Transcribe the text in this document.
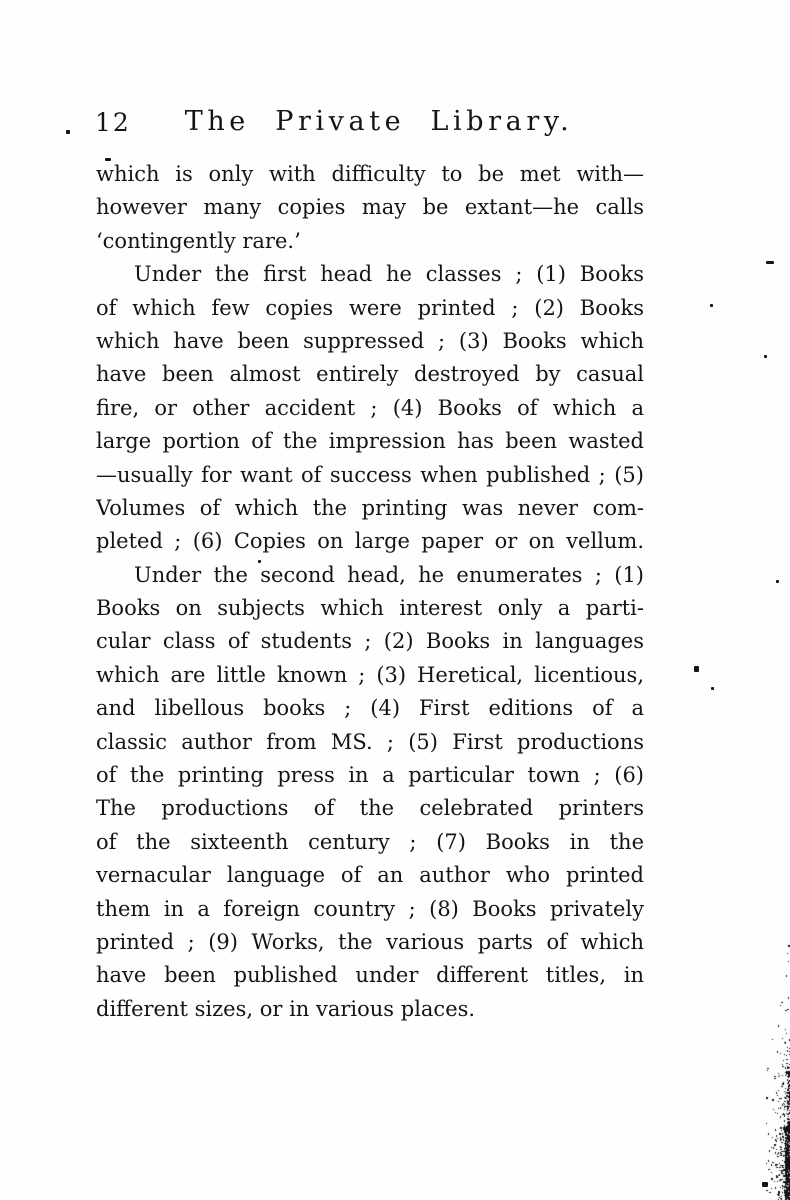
12	The Private Library.
which is only with difficulty to be met with—
however many copies may be extant—he calls
‘contingently rare.’
Under the first head he classes ; (1) Books
of which few copies were printed ; (2) Books
which have been suppressed ; (3) Books which
have been almost entirely destroyed by casual
fire, or other accident ; (4) Books of which a
large portion of the impression has been wasted
—usually for want of success when published ; (5)
Volumes of which the printing was never com-
pleted ; (6) Copies on large paper or on vellum.
Under the second head, he enumerates ; (1)
Books on subjects which interest only a parti-
cular class of students ; (2) Books in languages
which are little known ; (3) Heretical, licentious,
and libellous books ; (4) First editions of a
classic author from MS. ; (5) First productions
of the printing press in a particular town ; (6)
The productions of the celebrated printers
of the sixteenth century ; (7) Books in the
vernacular language of an author who printed
them in a foreign country ; (8) Books privately
printed ; (9) Works, the various parts of which
have been published under different titles, in
different sizes, or in various places.
